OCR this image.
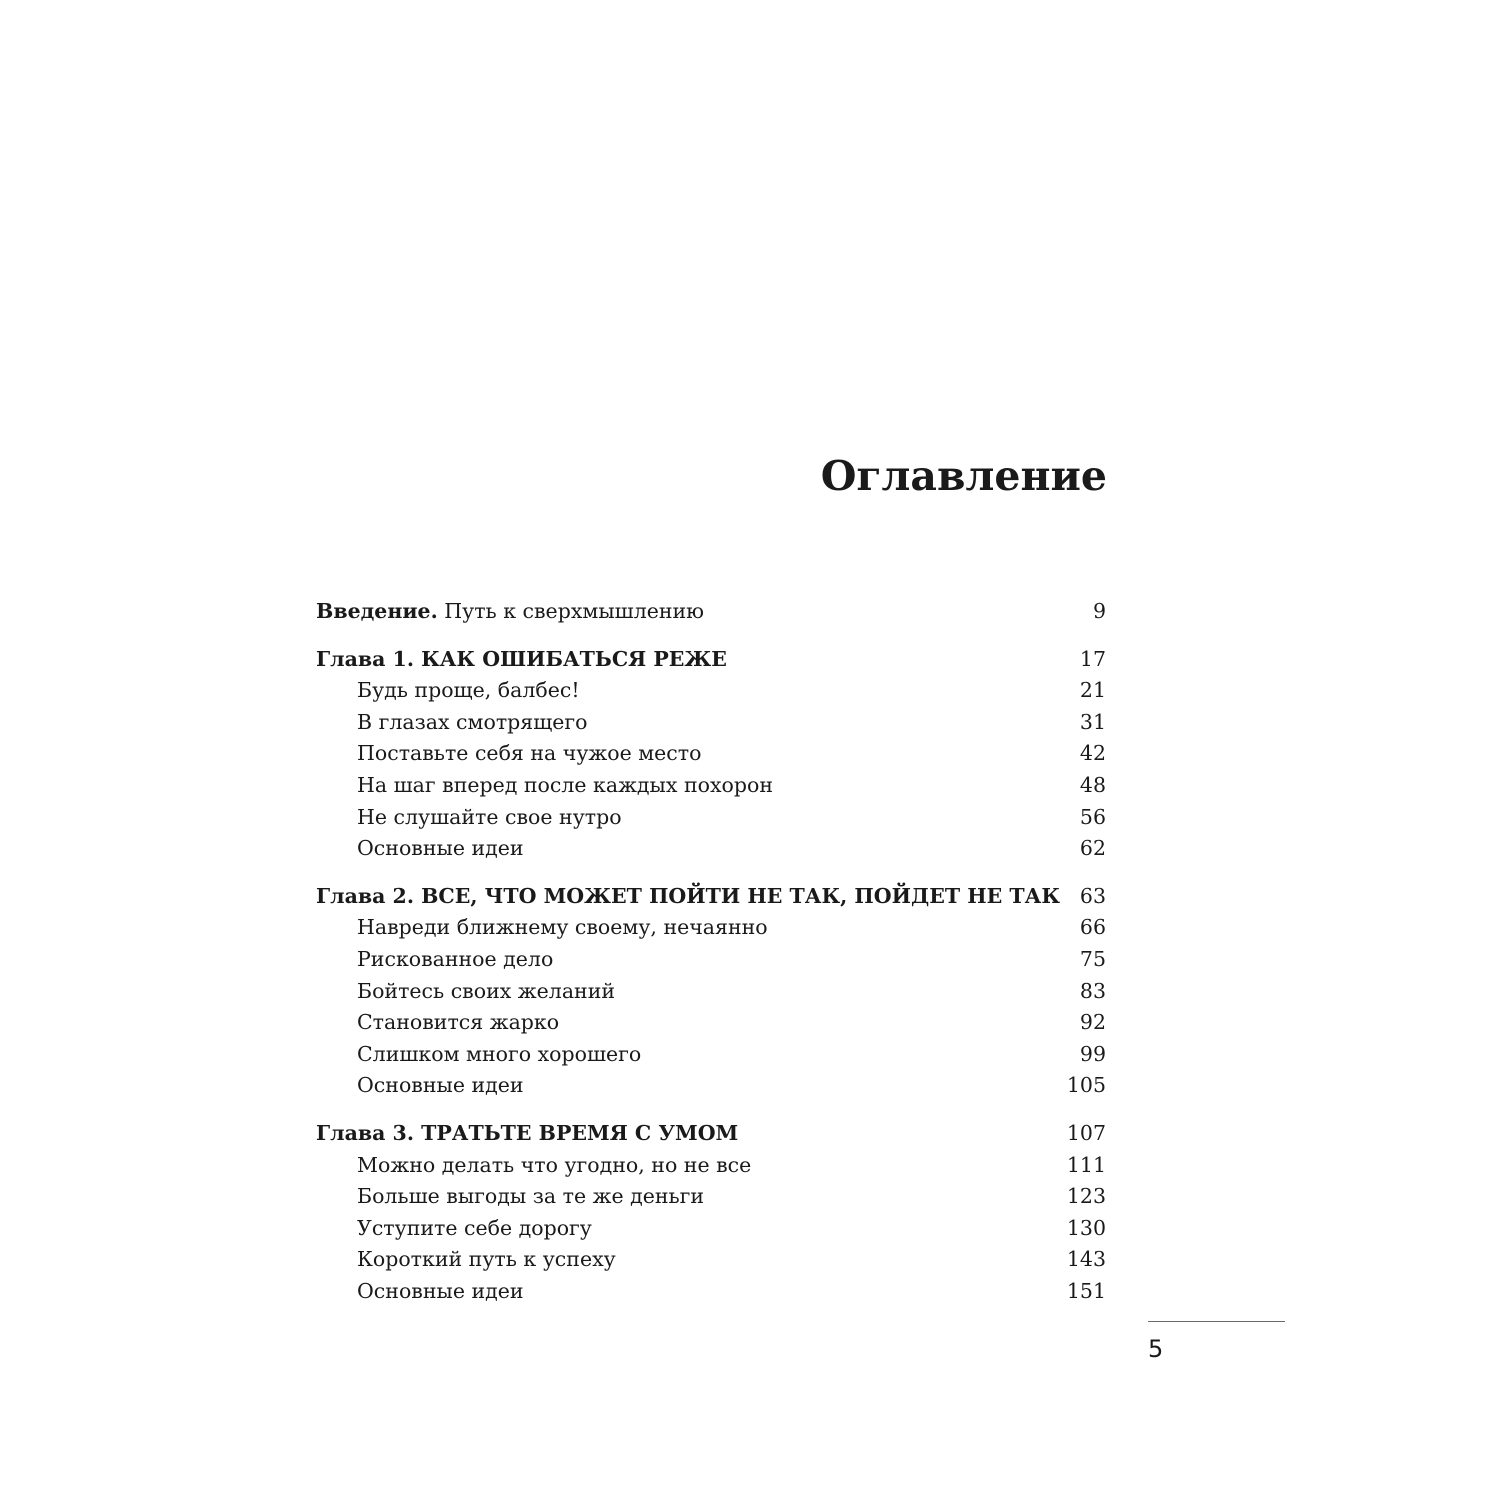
Оглавление
Введение. Путь к сверхмышлению	9
Глава 1. КАК ОШИБАТЬСЯ РЕЖЕ	17
Будь проще, балбес!	21
В глазах смотрящего	31
Поставьте себя на чужое место	42
На шаг вперед после каждых похорон	48
Не слушайте свое нутро	56
Основные идеи	62
Глава 2. ВСЕ, ЧТО МОЖЕТ ПОЙТИ НЕ ТАК, ПОЙДЕТ НЕ ТАК 63
Навреди ближнему своему, нечаянно	66
Рискованное дело	75
Бойтесь своих желаний	83
Становится жарко	92
Слишком много хорошего	99
Основные идеи	105
Глава 3. ТРАТЬТЕ ВРЕМЯ С УМОМ	107
Можно делать что угодно, но не все	111
Больше выгоды за те же деньги	123
Уступите себе дорогу	130
Короткий путь к успеху	143
Основные идеи	151
5
